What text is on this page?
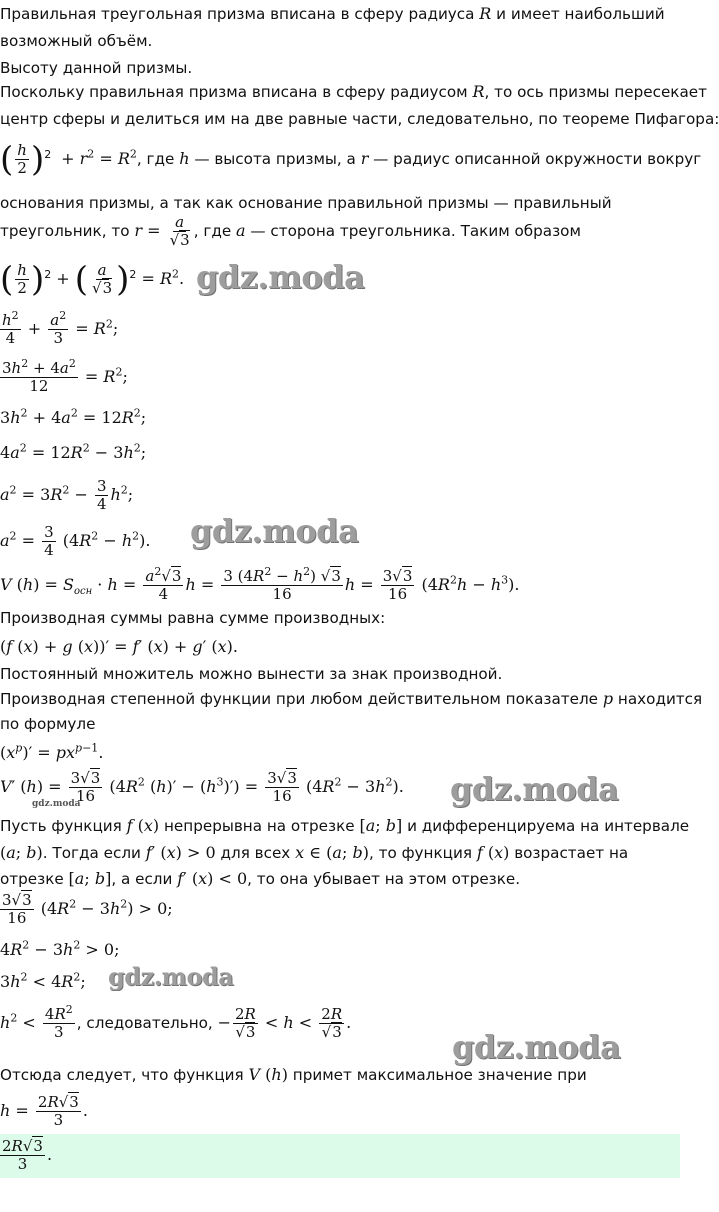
gdz.moda
gdz.moda
gdz.moda
gdz.moda
gdz.moda
gdz.moda
Правильная треугольная призма вписана в сферу радиуса R и имеет наибольший
возможный объём.
Высоту данной призмы.
Поскольку правильная призма вписана в сферу радиусом R, то ось призмы пересекает
центр сферы и делиться им на две равные части, следовательно, по теореме Пифагора:
( $\frac{h}{2} )^2 + r^2 = R^2$, где h — высота призмы, а r — радиус описанной окружности вокруг
основания призмы, а так как основание правильной призмы — правильный
треугольник, то $r = \frac{a}{√3}$ , где a — сторона треугольника. Таким образом
( $\frac{h}{2} )^2$ + ( $\frac{a}{√3} )^2 = R^2$.
$\frac{h^2}{4} + \frac{a^2}{3} = R^2$;
$\frac{3h^2 + 4a^2}{12} = R^2$;
$3h^2 + 4a^2 = 12R^2$;
$4a^2 = 12R^2 - 3h^2$;
$a^2 = 3R^2 - \frac{3}{4} h^2$;
$a^2 = \frac{3}{4} (4R^2 - h^2)$.
V $(h) = S_{осн} \cdot h = \frac{a^2√3}{4}$ $h = \frac{3 (4R^2 - h^2) √3}{16}$ $h = \frac{3√3}{16} (4R^2h - h^3)$.
Производная суммы равна сумме производных:
(f (x) + g (x))′ = f′ (x) + g′ (x).
Постоянный множитель можно вынести за знак производной.
Производная степенной функции при любом действительном показателе p находится
по формуле
$(x^p)' = px^{p-1}$.
V′ $(h) = \frac{3√3}{16} (4R^2$ $(h)' - (h^3)') = \frac{3√3}{16} (4R^2 - 3h^2)$.
Пусть функция f (x) непрерывна на отрезке [a; b] и дифференцируема на интервале
(a; b). Тогда если f′ (x) > 0 для всех x ∈ (a; b), то функция f (x) возрастает на
отрезке [a; b], а если f′ (x) < 0, то она убывает на этом отрезке.
$\frac{3√3}{16} (4R^2 - 3h^2) > 0$;
$4R^2 - 3h^2 > 0$;
$3h^2 < 4R^2$;
$h^2 < \frac{4R^2}{3}$ , следовательно, − $\frac{2R}{√3} < h < \frac{2R}{√3}$ .
Отсюда следует, что функция V (h) примет максимальное значение при
$h = \frac{2R√3}{3}$ .
$\frac{2R√3}{3}$ .
